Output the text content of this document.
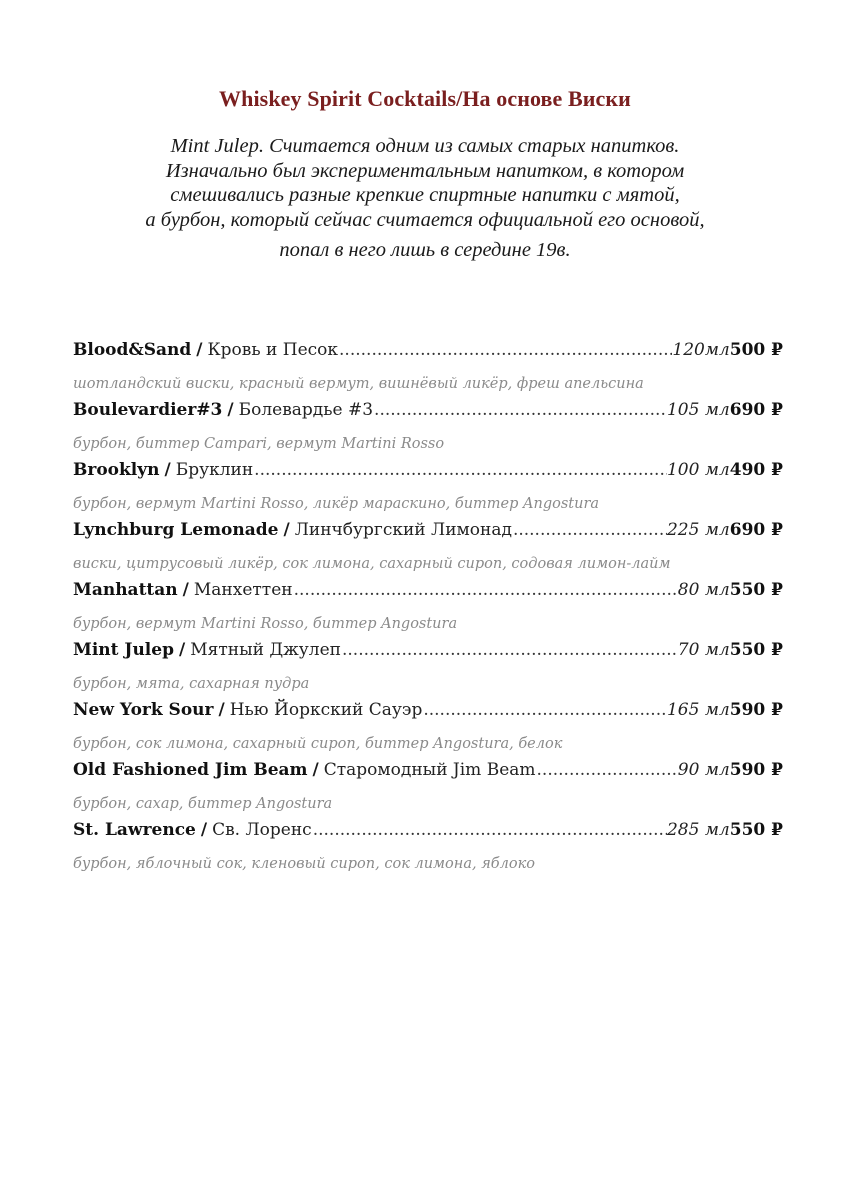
Whiskey Spirit Cocktails/На основе Виски
Mint Julep. Считается одним из самых старых напитков.
Изначально был экспериментальным напитком, в котором
смешивались разные крепкие спиртные напитки с мятой,
а бурбон, который сейчас считается официальной его основой,
попал в него лишь в середине 19в.
Blood&Sand / Кровь и Песок .....	120мл 500 ₽
шотландский виски, красный вермут, вишнёвый ликёр, фреш апельсина
Boulevardier#3 / Болевардье #3 .....	105 мл 690 ₽
бурбон, биттер Campari, вермут Martini Rosso
Brooklyn / Бруклин .....	100 мл 490 ₽
бурбон, вермут Martini Rosso, ликёр мараскино, биттер Angostura
Lynchburg Lemonade / Линчбургский Лимонад .....	225 мл 690 ₽
виски, цитрусовый ликёр, сок лимона, сахарный сироп, содовая лимон-лайм
Manhattan / Манхеттен .....	80 мл 550 ₽
бурбон, вермут Martini Rosso, биттер Angostura
Mint Julep / Мятный Джулеп .....	70 мл 550 ₽
бурбон, мята, сахарная пудра
New York Sour / Нью Йоркский Сауэр .....	165 мл 590 ₽
бурбон, сок лимона, сахарный сироп, биттер Angostura, белок
Old Fashioned Jim Beam / Старомодный Jim Beam .....	90 мл 590 ₽
бурбон, сахар, биттер Angostura
St. Lawrence / Св. Лоренс .....	285 мл 550 ₽
бурбон, яблочный сок, кленовый сироп, сок лимона, яблоко
